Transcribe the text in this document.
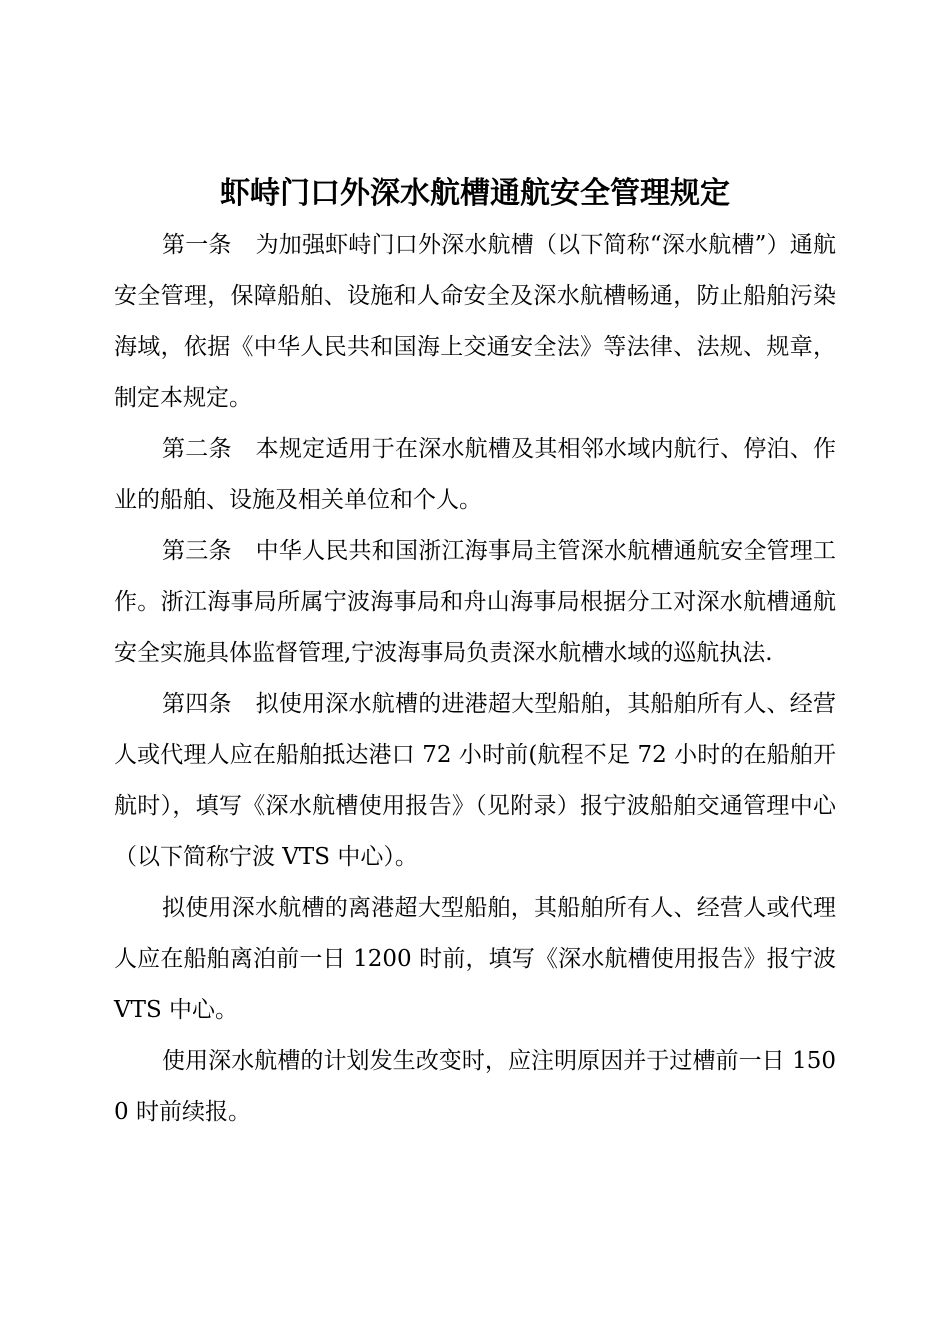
虾峙门口外深水航槽通航安全管理规定

第一条 为加强虾峙门口外深水航槽（以下简称“深水航槽”）通航安全管理，保障船舶、设施和人命安全及深水航槽畅通，防止船舶污染海域，依据《中华人民共和国海上交通安全法》等法律、法规、规章，制定本规定。

第二条 本规定适用于在深水航槽及其相邻水域内航行、停泊、作业的船舶、设施及相关单位和个人。

第三条 中华人民共和国浙江海事局主管深水航槽通航安全管理工作。浙江海事局所属宁波海事局和舟山海事局根据分工对深水航槽通航安全实施具体监督管理,宁波海事局负责深水航槽水域的巡航执法.

第四条 拟使用深水航槽的进港超大型船舶，其船舶所有人、经营人或代理人应在船舶抵达港口 72 小时前(航程不足 72 小时的在船舶开航时），填写《深水航槽使用报告》（见附录）报宁波船舶交通管理中心（以下简称宁波 VTS 中心）。

拟使用深水航槽的离港超大型船舶，其船舶所有人、经营人或代理人应在船舶离泊前一日 1200 时前，填写《深水航槽使用报告》报宁波 VTS 中心。

使用深水航槽的计划发生改变时，应注明原因并于过槽前一日 1500 时前续报。
